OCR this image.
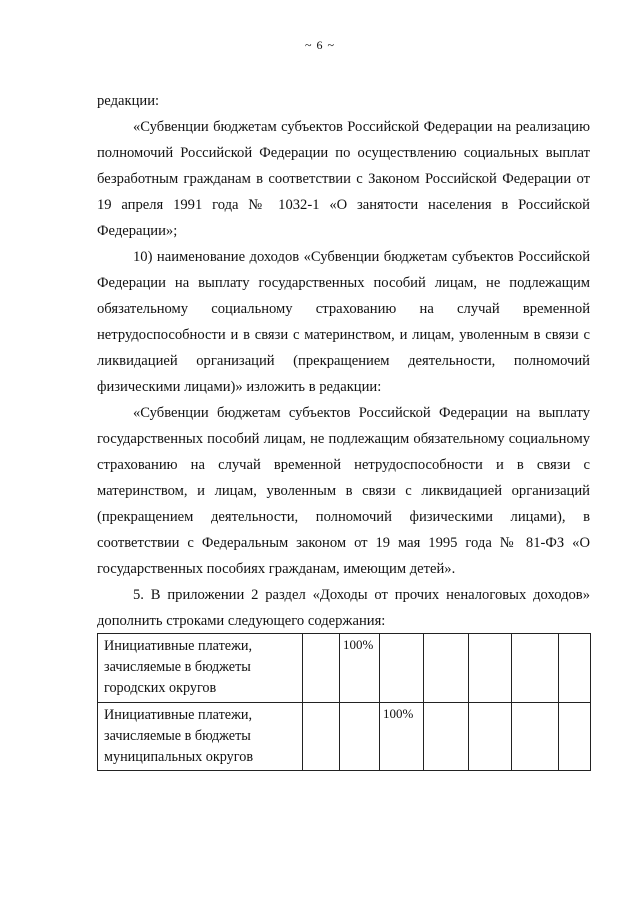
~ 6 ~

редакции:

«Субвенции бюджетам субъектов Российской Федерации на реализацию полномочий Российской Федерации по осуществлению социальных выплат безработным гражданам в соответствии с Законом Российской Федерации от 19 апреля 1991 года № 1032-1 «О занятости населения в Российской Федерации»;

10) наименование доходов «Субвенции бюджетам субъектов Российской Федерации на выплату государственных пособий лицам, не подлежащим обязательному социальному страхованию на случай временной нетрудоспособности и в связи с материнством, и лицам, уволенным в связи с ликвидацией организаций (прекращением деятельности, полномочий физическими лицами)» изложить в редакции:

«Субвенции бюджетам субъектов Российской Федерации на выплату государственных пособий лицам, не подлежащим обязательному социальному страхованию на случай временной нетрудоспособности и в связи с материнством, и лицам, уволенным в связи с ликвидацией организаций (прекращением деятельности, полномочий физическими лицами), в соответствии с Федеральным законом от 19 мая 1995 года № 81-ФЗ «О государственных пособиях гражданам, имеющим детей».

5. В приложении 2 раздел «Доходы от прочих неналоговых доходов» дополнить строками следующего содержания:

Инициативные платежи, зачисляемые в бюджеты городских округов		100%					
Инициативные платежи, зачисляемые в бюджеты муниципальных округов			100%				
